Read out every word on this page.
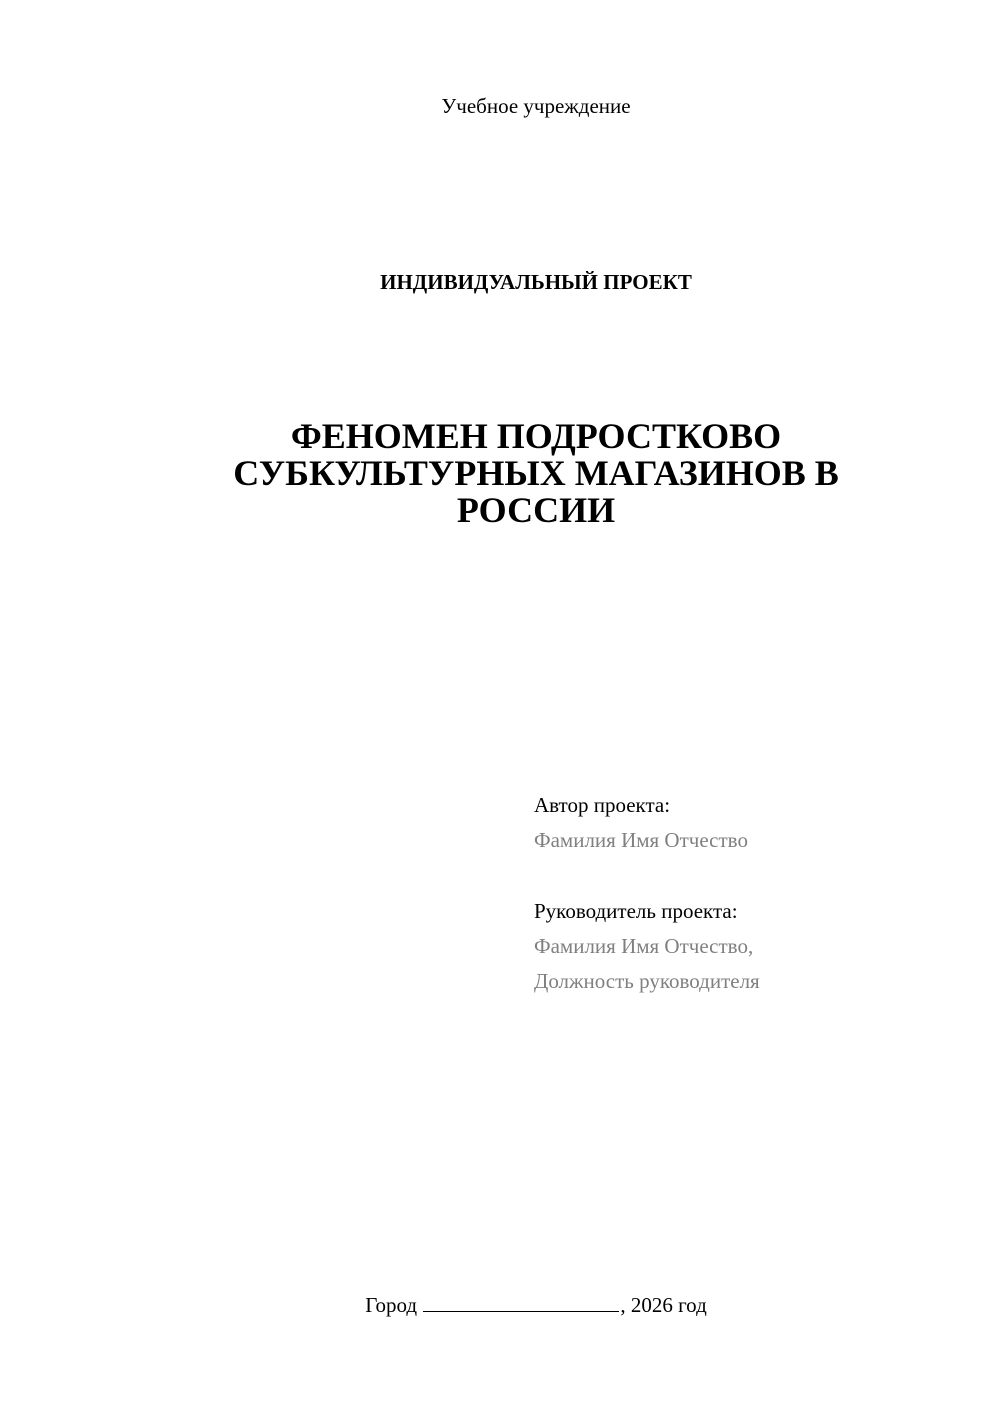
Учебное учреждение
ИНДИВИДУАЛЬНЫЙ ПРОЕКТ
ФЕНОМЕН ПОДРОСТКОВО
СУБКУЛЬТУРНЫХ МАГАЗИНОВ В
РОССИИ
Автор проекта:
Фамилия Имя Отчество
Руководитель проекта:
Фамилия Имя Отчество,
Должность руководителя
Город	, 2026 год
